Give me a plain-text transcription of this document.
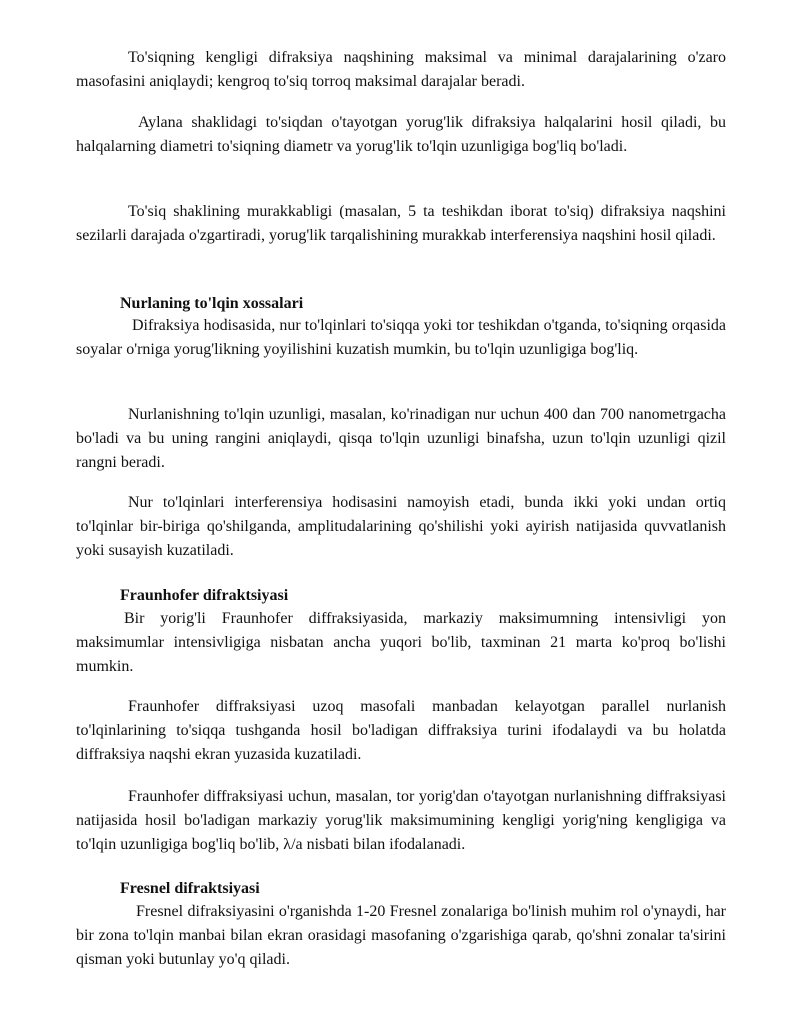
To'siqning kengligi difraksiya naqshining maksimal va minimal darajalarining o'zaro masofasini aniqlaydi; kengroq to'siq torroq maksimal darajalar beradi.

Aylana shaklidagi to'siqdan o'tayotgan yorug'lik difraksiya halqalarini hosil qiladi, bu halqalarning diametri to'siqning diametr va yorug'lik to'lqin uzunligiga bog'liq bo'ladi.

To'siq shaklining murakkabligi (masalan, 5 ta teshikdan iborat to'siq) difraksiya naqshini sezilarli darajada o'zgartiradi, yorug'lik tarqalishining murakkab interferensiya naqshini hosil qiladi.

Nurlaning to'lqin xossalari

Difraksiya hodisasida, nur to'lqinlari to'siqqa yoki tor teshikdan o'tganda, to'siqning orqasida soyalar o'rniga yorug'likning yoyilishini kuzatish mumkin, bu to'lqin uzunligiga bog'liq.

Nurlanishning to'lqin uzunligi, masalan, ko'rinadigan nur uchun 400 dan 700 nanometrgacha bo'ladi va bu uning rangini aniqlaydi, qisqa to'lqin uzunligi binafsha, uzun to'lqin uzunligi qizil rangni beradi.

Nur to'lqinlari interferensiya hodisasini namoyish etadi, bunda ikki yoki undan ortiq to'lqinlar bir-biriga qo'shilganda, amplitudalarining qo'shilishi yoki ayirish natijasida quvvatlanish yoki susayish kuzatiladi.

Fraunhofer difraktsiyasi

Bir yorig'li Fraunhofer diffraksiyasida, markaziy maksimumning intensivligi yon maksimumlar intensivligiga nisbatan ancha yuqori bo'lib, taxminan 21 marta ko'proq bo'lishi mumkin.

Fraunhofer diffraksiyasi uzoq masofali manbadan kelayotgan parallel nurlanish to'lqinlarining to'siqqa tushganda hosil bo'ladigan diffraksiya turini ifodalaydi va bu holatda diffraksiya naqshi ekran yuzasida kuzatiladi.

Fraunhofer diffraksiyasi uchun, masalan, tor yorig'dan o'tayotgan nurlanishning diffraksiyasi natijasida hosil bo'ladigan markaziy yorug'lik maksimumining kengligi yorig'ning kengligiga va to'lqin uzunligiga bog'liq bo'lib, λ/a nisbati bilan ifodalanadi.

Fresnel difraktsiyasi

Fresnel difraksiyasini o'rganishda 1-20 Fresnel zonalariga bo'linish muhim rol o'ynaydi, har bir zona to'lqin manbai bilan ekran orasidagi masofaning o'zgarishiga qarab, qo'shni zonalar ta'sirini qisman yoki butunlay yo'q qiladi.
